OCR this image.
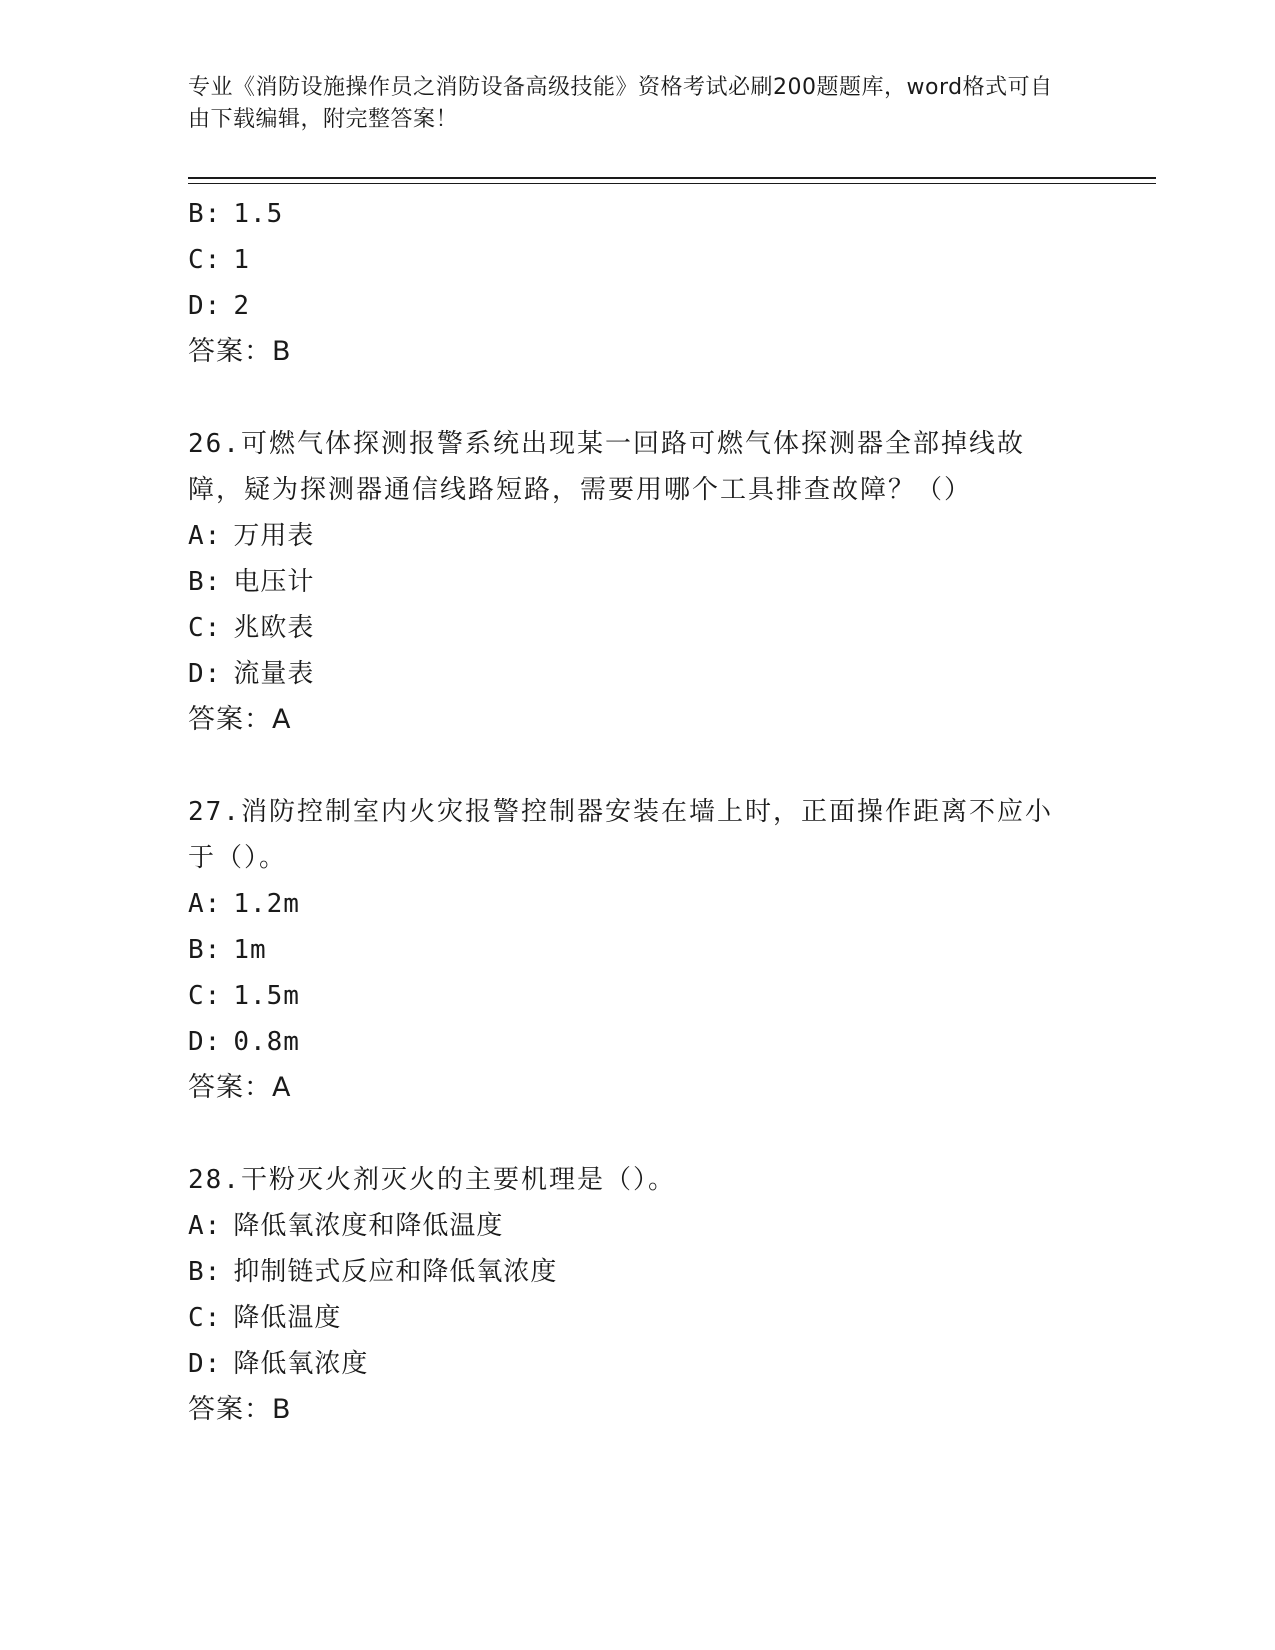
专业《消防设施操作员之消防设备高级技能》资格考试必刷200题题库，word格式可自由下载编辑，附完整答案！
B: 1.5
C: 1
D: 2
答案：B
26.可燃气体探测报警系统出现某一回路可燃气体探测器全部掉线故障，疑为探测器通信线路短路，需要用哪个工具排查故障？（）
A: 万用表
B: 电压计
C: 兆欧表
D: 流量表
答案：A
27.消防控制室内火灾报警控制器安装在墙上时，正面操作距离不应小于（）。
A: 1.2m
B: 1m
C: 1.5m
D: 0.8m
答案：A
28.干粉灭火剂灭火的主要机理是（）。
A: 降低氧浓度和降低温度
B: 抑制链式反应和降低氧浓度
C: 降低温度
D: 降低氧浓度
答案：B
